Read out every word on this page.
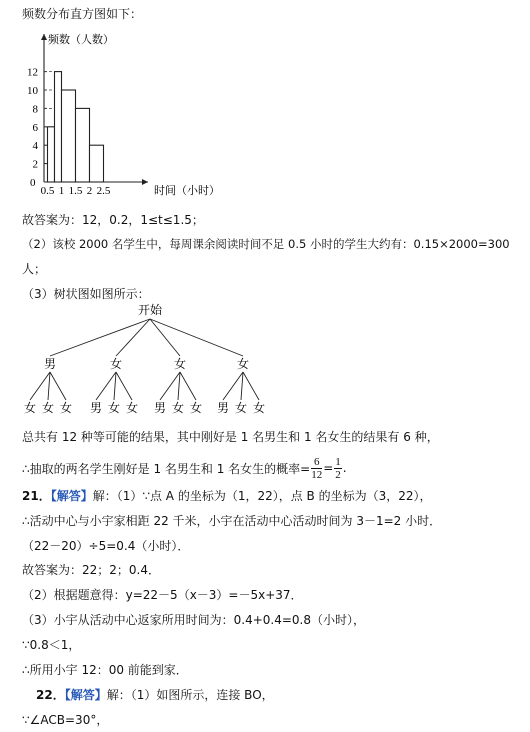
频数分布直方图如下：
频数（人数）
时间（小时）
0
2
4
6
8
10
12
0.5 1 1.5 2 2.5
故答案为：12，0.2，1≤t≤1.5；
（2）该校 2000 名学生中，每周课余阅读时间不足 0.5 小时的学生大约有：0.15×2000=300
人；
（3）树状图如图所示：
开始
男
女 女 女
女
男 女 女
女
男 女 女
女
男 女 女
总共有 12 种等可能的结果，其中刚好是 1 名男生和 1 名女生的结果有 6 种，
∴抽取的两名学生刚好是 1 名男生和 1 名女生的概率= $\frac{6}{12} = \frac{1}{2}$ .
21．【解答】解：（1）∵点 A 的坐标为（1，22），点 B 的坐标为（3，22），
∴活动中心与小宇家相距 22 千米，小宇在活动中心活动时间为 3－1=2 小时．
（22－20）÷5=0.4（小时）．
故答案为：22；2；0.4．
（2）根据题意得：y=22－5（x－3）=－5x+37．
（3）小宇从活动中心返家所用时间为：0.4+0.4=0.8（小时），
∵0.8＜1，
∴所用小宇 12：00 前能到家．
22．【解答】解：（1）如图所示，连接 BO，
∵∠ACB=30°，
